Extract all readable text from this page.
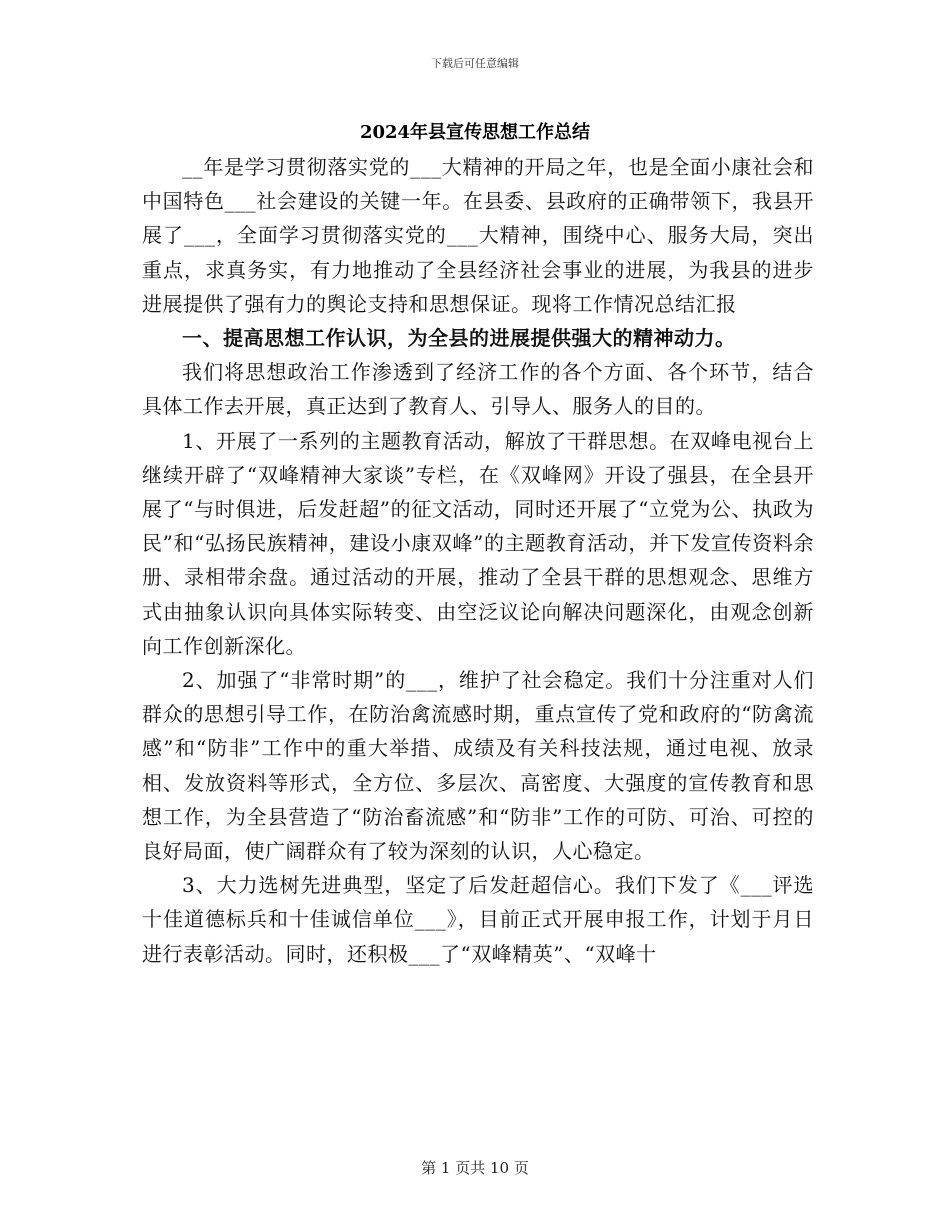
下载后可任意编辑
2024年县宣传思想工作总结

__年是学习贯彻落实党的___大精神的开局之年，也是全面小康社会和中国特色___社会建设的关键一年。在县委、县政府的正确带领下，我县开展了___，全面学习贯彻落实党的___大精神，围绕中心、服务大局，突出重点，求真务实，有力地推动了全县经济社会事业的进展，为我县的进步进展提供了强有力的舆论支持和思想保证。现将工作情况总结汇报

一、提高思想工作认识，为全县的进展提供强大的精神动力。

我们将思想政治工作渗透到了经济工作的各个方面、各个环节，结合具体工作去开展，真正达到了教育人、引导人、服务人的目的。

1、开展了一系列的主题教育活动，解放了干群思想。在双峰电视台上继续开辟了“双峰精神大家谈”专栏，在《双峰网》开设了强县，在全县开展了“与时俱进，后发赶超”的征文活动，同时还开展了“立党为公、执政为民”和“弘扬民族精神，建设小康双峰”的主题教育活动，并下发宣传资料余册、录相带余盘。通过活动的开展，推动了全县干群的思想观念、思维方式由抽象认识向具体实际转变、由空泛议论向解决问题深化，由观念创新向工作创新深化。

2、加强了“非常时期”的___，维护了社会稳定。我们十分注重对人们群众的思想引导工作，在防治禽流感时期，重点宣传了党和政府的“防禽流感”和“防非”工作中的重大举措、成绩及有关科技法规，通过电视、放录相、发放资料等形式，全方位、多层次、高密度、大强度的宣传教育和思想工作，为全县营造了“防治畜流感”和“防非”工作的可防、可治、可控的良好局面，使广阔群众有了较为深刻的认识，人心稳定。

3、大力选树先进典型，坚定了后发赶超信心。我们下发了《___评选十佳道德标兵和十佳诚信单位___》，目前正式开展申报工作，计划于月日进行表彰活动。同时，还积极___了“双峰精英”、“双峰十

第 1 页共 10 页
